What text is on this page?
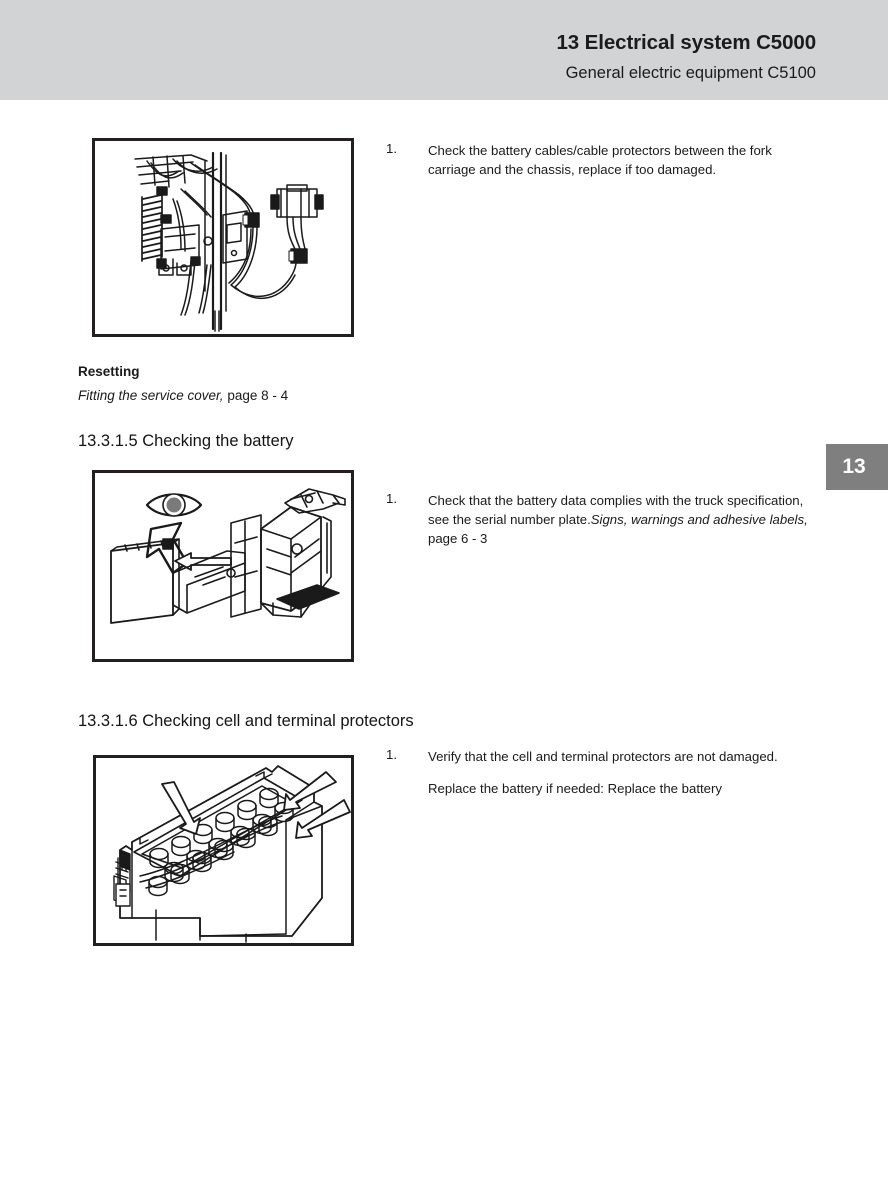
13 Electrical system C5000
General electric equipment C5100
13
Resetting
Fitting the service cover, page 8 - 4
13.3.1.5 Checking the battery
13.3.1.6 Checking cell and terminal protectors
1.	Check the battery cables/cable protectors between the fork carriage and the chassis, replace if too damaged.

1.	Check that the battery data complies with the truck specification, see the serial number plate.Signs, warnings and adhesive labels, page 6 - 3

1.	Verify that the cell and terminal protectors are not damaged.

Replace the battery if needed: Replace the battery
